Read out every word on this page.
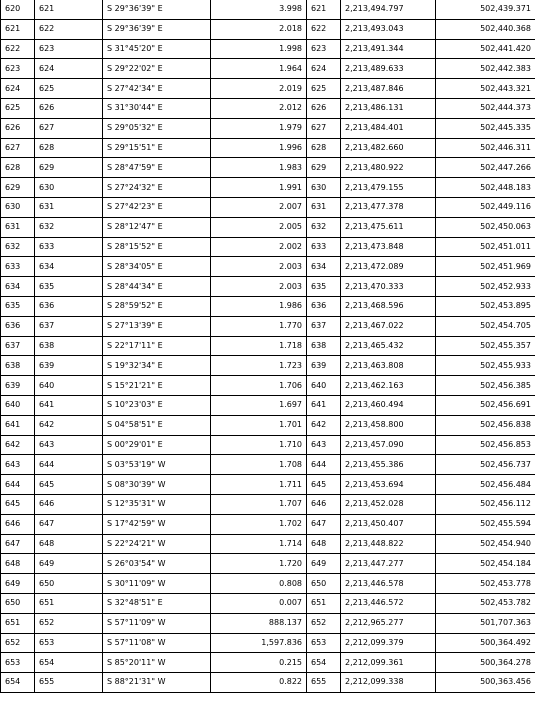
620	621	S 29°36'39" E	3.998	621	2,213,494.797	502,439.371
621	622	S 29°36'39" E	2.018	622	2,213,493.043	502,440.368
622	623	S 31°45'20" E	1.998	623	2,213,491.344	502,441.420
623	624	S 29°22'02" E	1.964	624	2,213,489.633	502,442.383
624	625	S 27°42'34" E	2.019	625	2,213,487.846	502,443.321
625	626	S 31°30'44" E	2.012	626	2,213,486.131	502,444.373
626	627	S 29°05'32" E	1.979	627	2,213,484.401	502,445.335
627	628	S 29°15'51" E	1.996	628	2,213,482.660	502,446.311
628	629	S 28°47'59" E	1.983	629	2,213,480.922	502,447.266
629	630	S 27°24'32" E	1.991	630	2,213,479.155	502,448.183
630	631	S 27°42'23" E	2.007	631	2,213,477.378	502,449.116
631	632	S 28°12'47" E	2.005	632	2,213,475.611	502,450.063
632	633	S 28°15'52" E	2.002	633	2,213,473.848	502,451.011
633	634	S 28°34'05" E	2.003	634	2,213,472.089	502,451.969
634	635	S 28°44'34" E	2.003	635	2,213,470.333	502,452.933
635	636	S 28°59'52" E	1.986	636	2,213,468.596	502,453.895
636	637	S 27°13'39" E	1.770	637	2,213,467.022	502,454.705
637	638	S 22°17'11" E	1.718	638	2,213,465.432	502,455.357
638	639	S 19°32'34" E	1.723	639	2,213,463.808	502,455.933
639	640	S 15°21'21" E	1.706	640	2,213,462.163	502,456.385
640	641	S 10°23'03" E	1.697	641	2,213,460.494	502,456.691
641	642	S 04°58'51" E	1.701	642	2,213,458.800	502,456.838
642	643	S 00°29'01" E	1.710	643	2,213,457.090	502,456.853
643	644	S 03°53'19" W	1.708	644	2,213,455.386	502,456.737
644	645	S 08°30'39" W	1.711	645	2,213,453.694	502,456.484
645	646	S 12°35'31" W	1.707	646	2,213,452.028	502,456.112
646	647	S 17°42'59" W	1.702	647	2,213,450.407	502,455.594
647	648	S 22°24'21" W	1.714	648	2,213,448.822	502,454.940
648	649	S 26°03'54" W	1.720	649	2,213,447.277	502,454.184
649	650	S 30°11'09" W	0.808	650	2,213,446.578	502,453.778
650	651	S 32°48'51" E	0.007	651	2,213,446.572	502,453.782
651	652	S 57°11'09" W	888.137	652	2,212,965.277	501,707.363
652	653	S 57°11'08" W	1,597.836	653	2,212,099.379	500,364.492
653	654	S 85°20'11" W	0.215	654	2,212,099.361	500,364.278
654	655	S 88°21'31" W	0.822	655	2,212,099.338	500,363.456
